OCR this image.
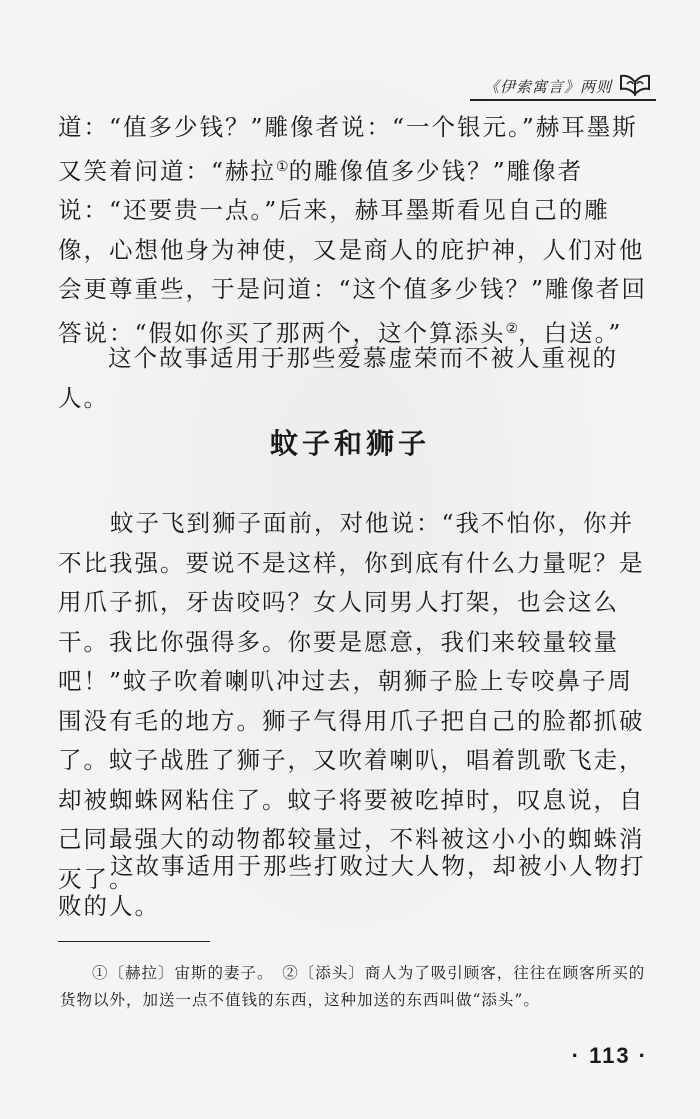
《伊索寓言》两则

道：“值多少钱？”雕像者说：“一个银元。”赫耳墨斯又笑着问道：“赫拉①的雕像值多少钱？”雕像者说：“还要贵一点。”后来，赫耳墨斯看见自己的雕像，心想他身为神使，又是商人的庇护神，人们对他会更尊重些，于是问道：“这个值多少钱？”雕像者回答说：“假如你买了那两个，这个算添头②，白送。”

这个故事适用于那些爱慕虚荣而不被人重视的人。

蚊子和狮子

蚊子飞到狮子面前，对他说：“我不怕你，你并不比我强。要说不是这样，你到底有什么力量呢？是用爪子抓，牙齿咬吗？女人同男人打架，也会这么干。我比你强得多。你要是愿意，我们来较量较量吧！”蚊子吹着喇叭冲过去，朝狮子脸上专咬鼻子周围没有毛的地方。狮子气得用爪子把自己的脸都抓破了。蚊子战胜了狮子，又吹着喇叭，唱着凯歌飞走，却被蜘蛛网粘住了。蚊子将要被吃掉时，叹息说，自己同最强大的动物都较量过，不料被这小小的蜘蛛消灭了。

这故事适用于那些打败过大人物，却被小人物打败的人。

①〔赫拉〕宙斯的妻子。　②〔添头〕商人为了吸引顾客，往往在顾客所买的货物以外，加送一点不值钱的东西，这种加送的东西叫做“添头”。

· 113 ·
